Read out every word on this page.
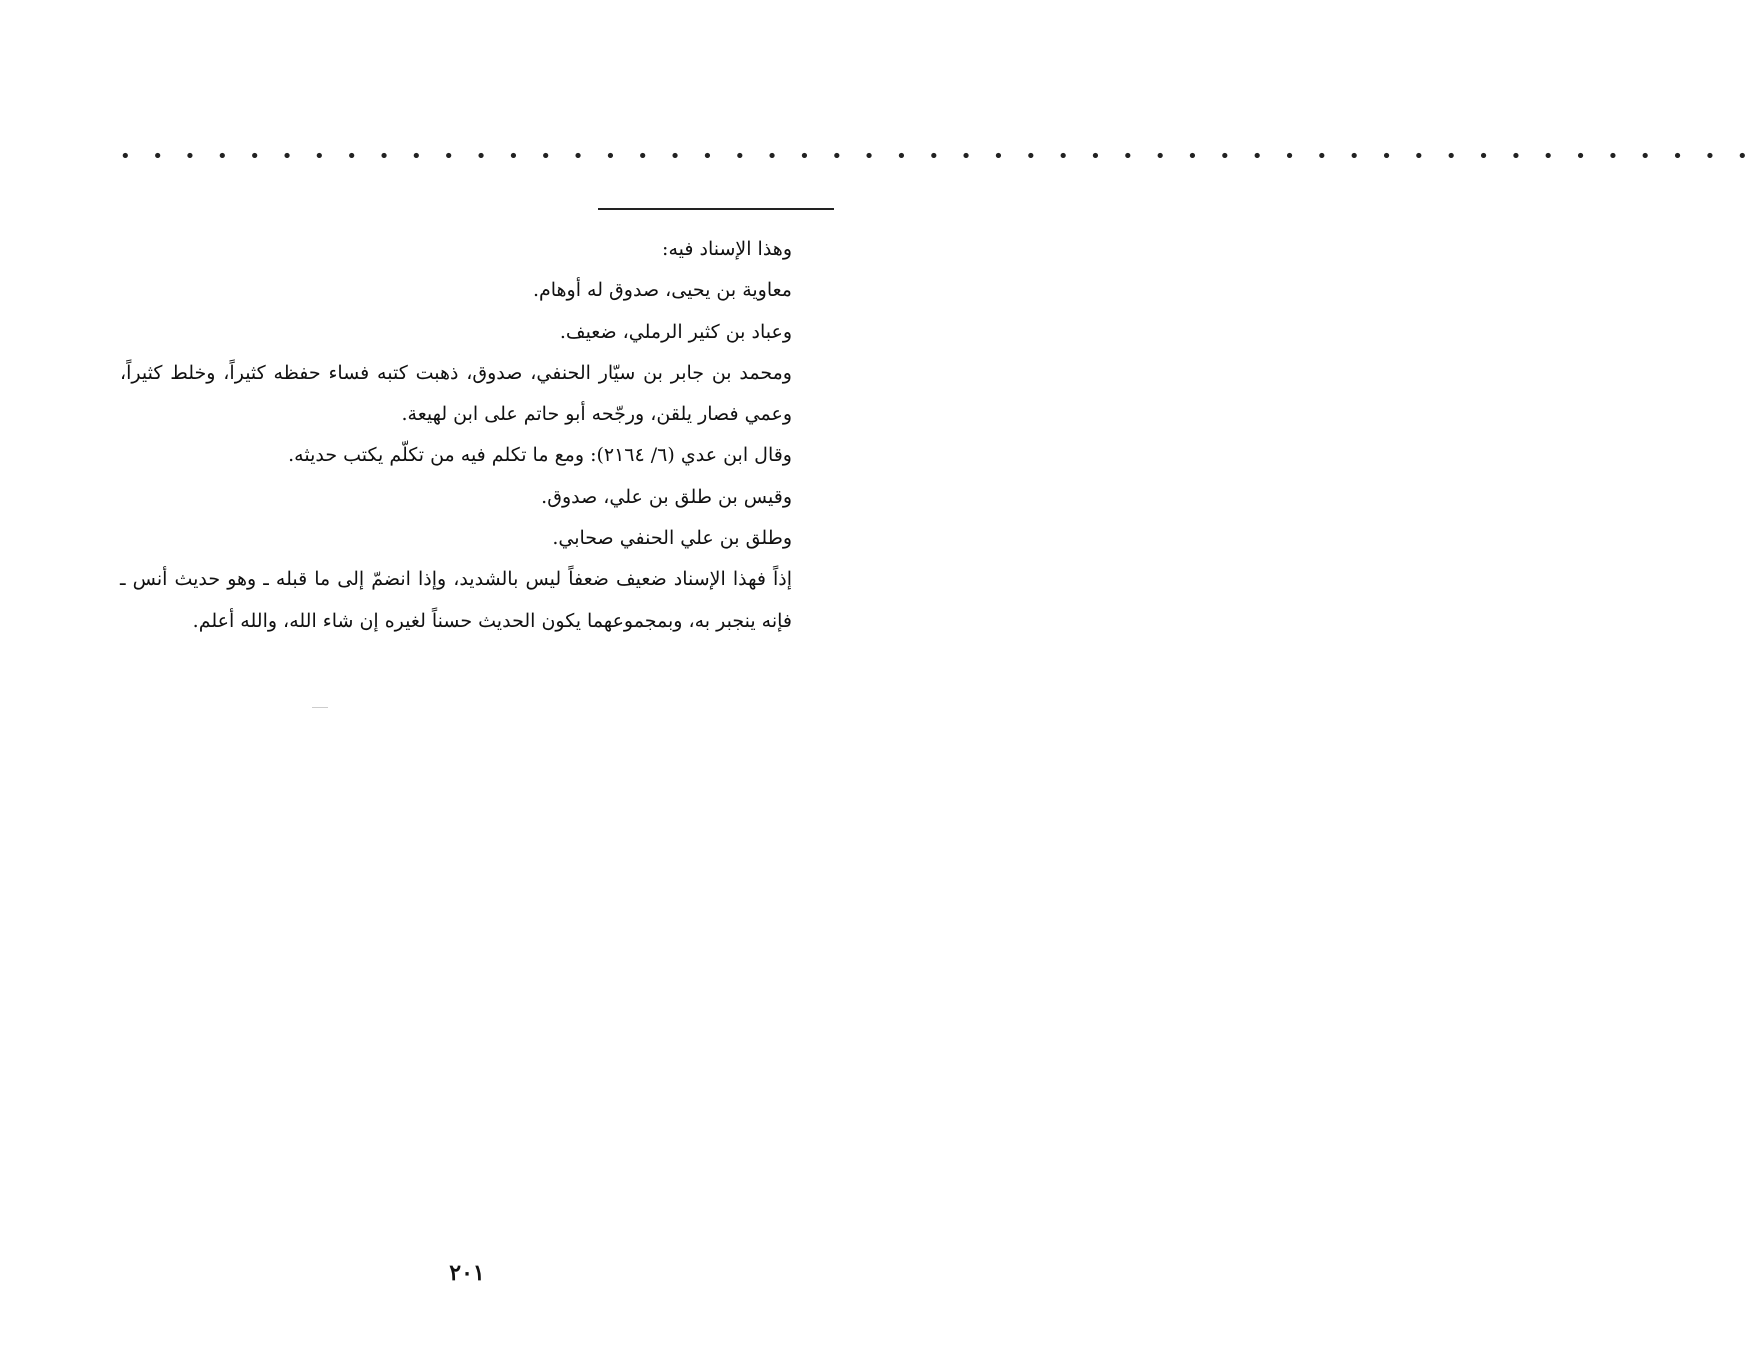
• • • • • • • • • • • • • • • • • • • • • • • • • • • • • • • • • • • • • • • • • • • • • • • • • • •

وهذا الإسناد فيه:

معاوية بن يحيى، صدوق له أوهام.

وعباد بن كثير الرملي، ضعيف.

ومحمد بن جابر بن سيّار الحنفي، صدوق، ذهبت كتبه فساء حفظه كثيراً، وخلط كثيراً، وعمي فصار يلقن، ورجّحه أبو حاتم على ابن لهيعة.

وقال ابن عدي (٦/ ٢١٦٤): ومع ما تكلم فيه من تكلّم يكتب حديثه.

وقيس بن طلق بن علي، صدوق.

وطلق بن علي الحنفي صحابي.

إذاً فهذا الإسناد ضعيف ضعفاً ليس بالشديد، وإذا انضمّ إلى ما قبله ـ وهو حديث أنس ـ فإنه ينجبر به، وبمجموعهما يكون الحديث حسناً لغيره إن شاء الله، والله أعلم.

٢٠١
